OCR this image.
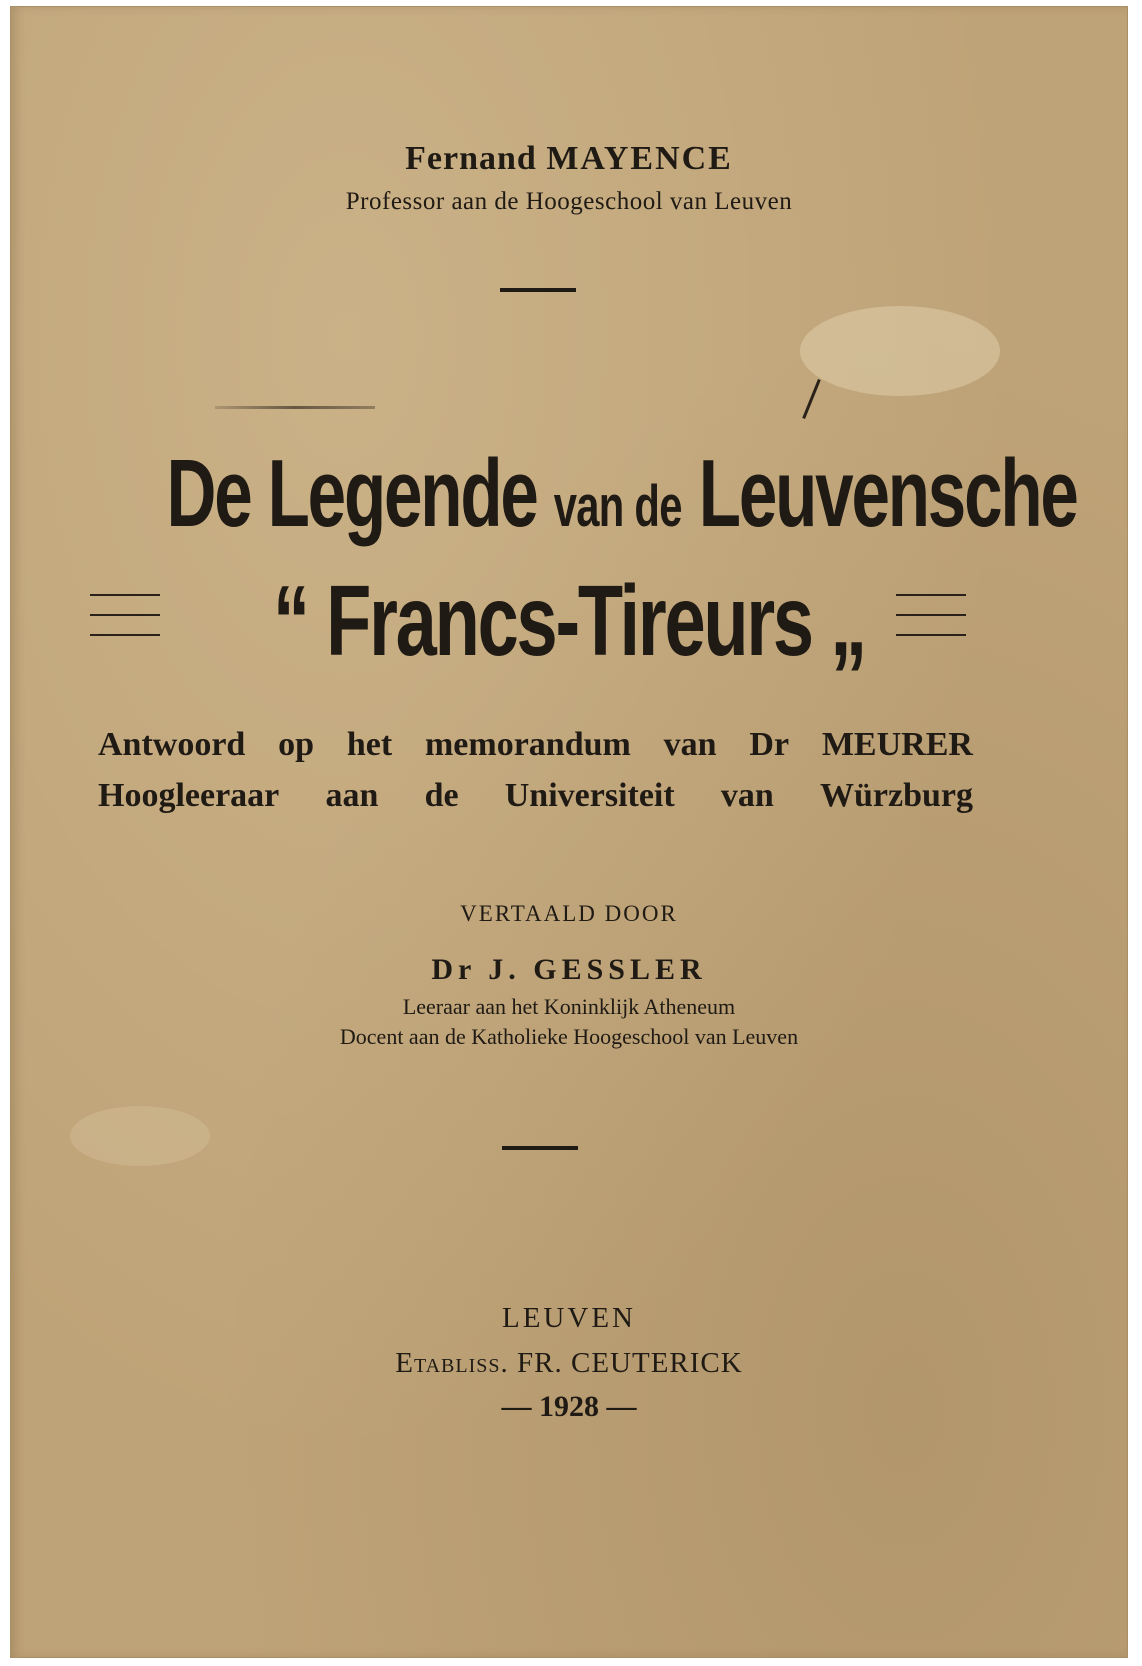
Fernand MAYENCE
Professor aan de Hoogeschool van Leuven
De Legende van de Leuvensche
“ Francs-Tireurs „
Antwoord op het memorandum van Dr MEURER
Hoogleeraar aan de Universiteit van Würzburg
VERTAALD DOOR
Dr J. GESSLER
Leeraar aan het Koninklijk Atheneum
Docent aan de Katholieke Hoogeschool van Leuven
LEUVEN
Etabliss. FR. CEUTERICK
— 1928 —
